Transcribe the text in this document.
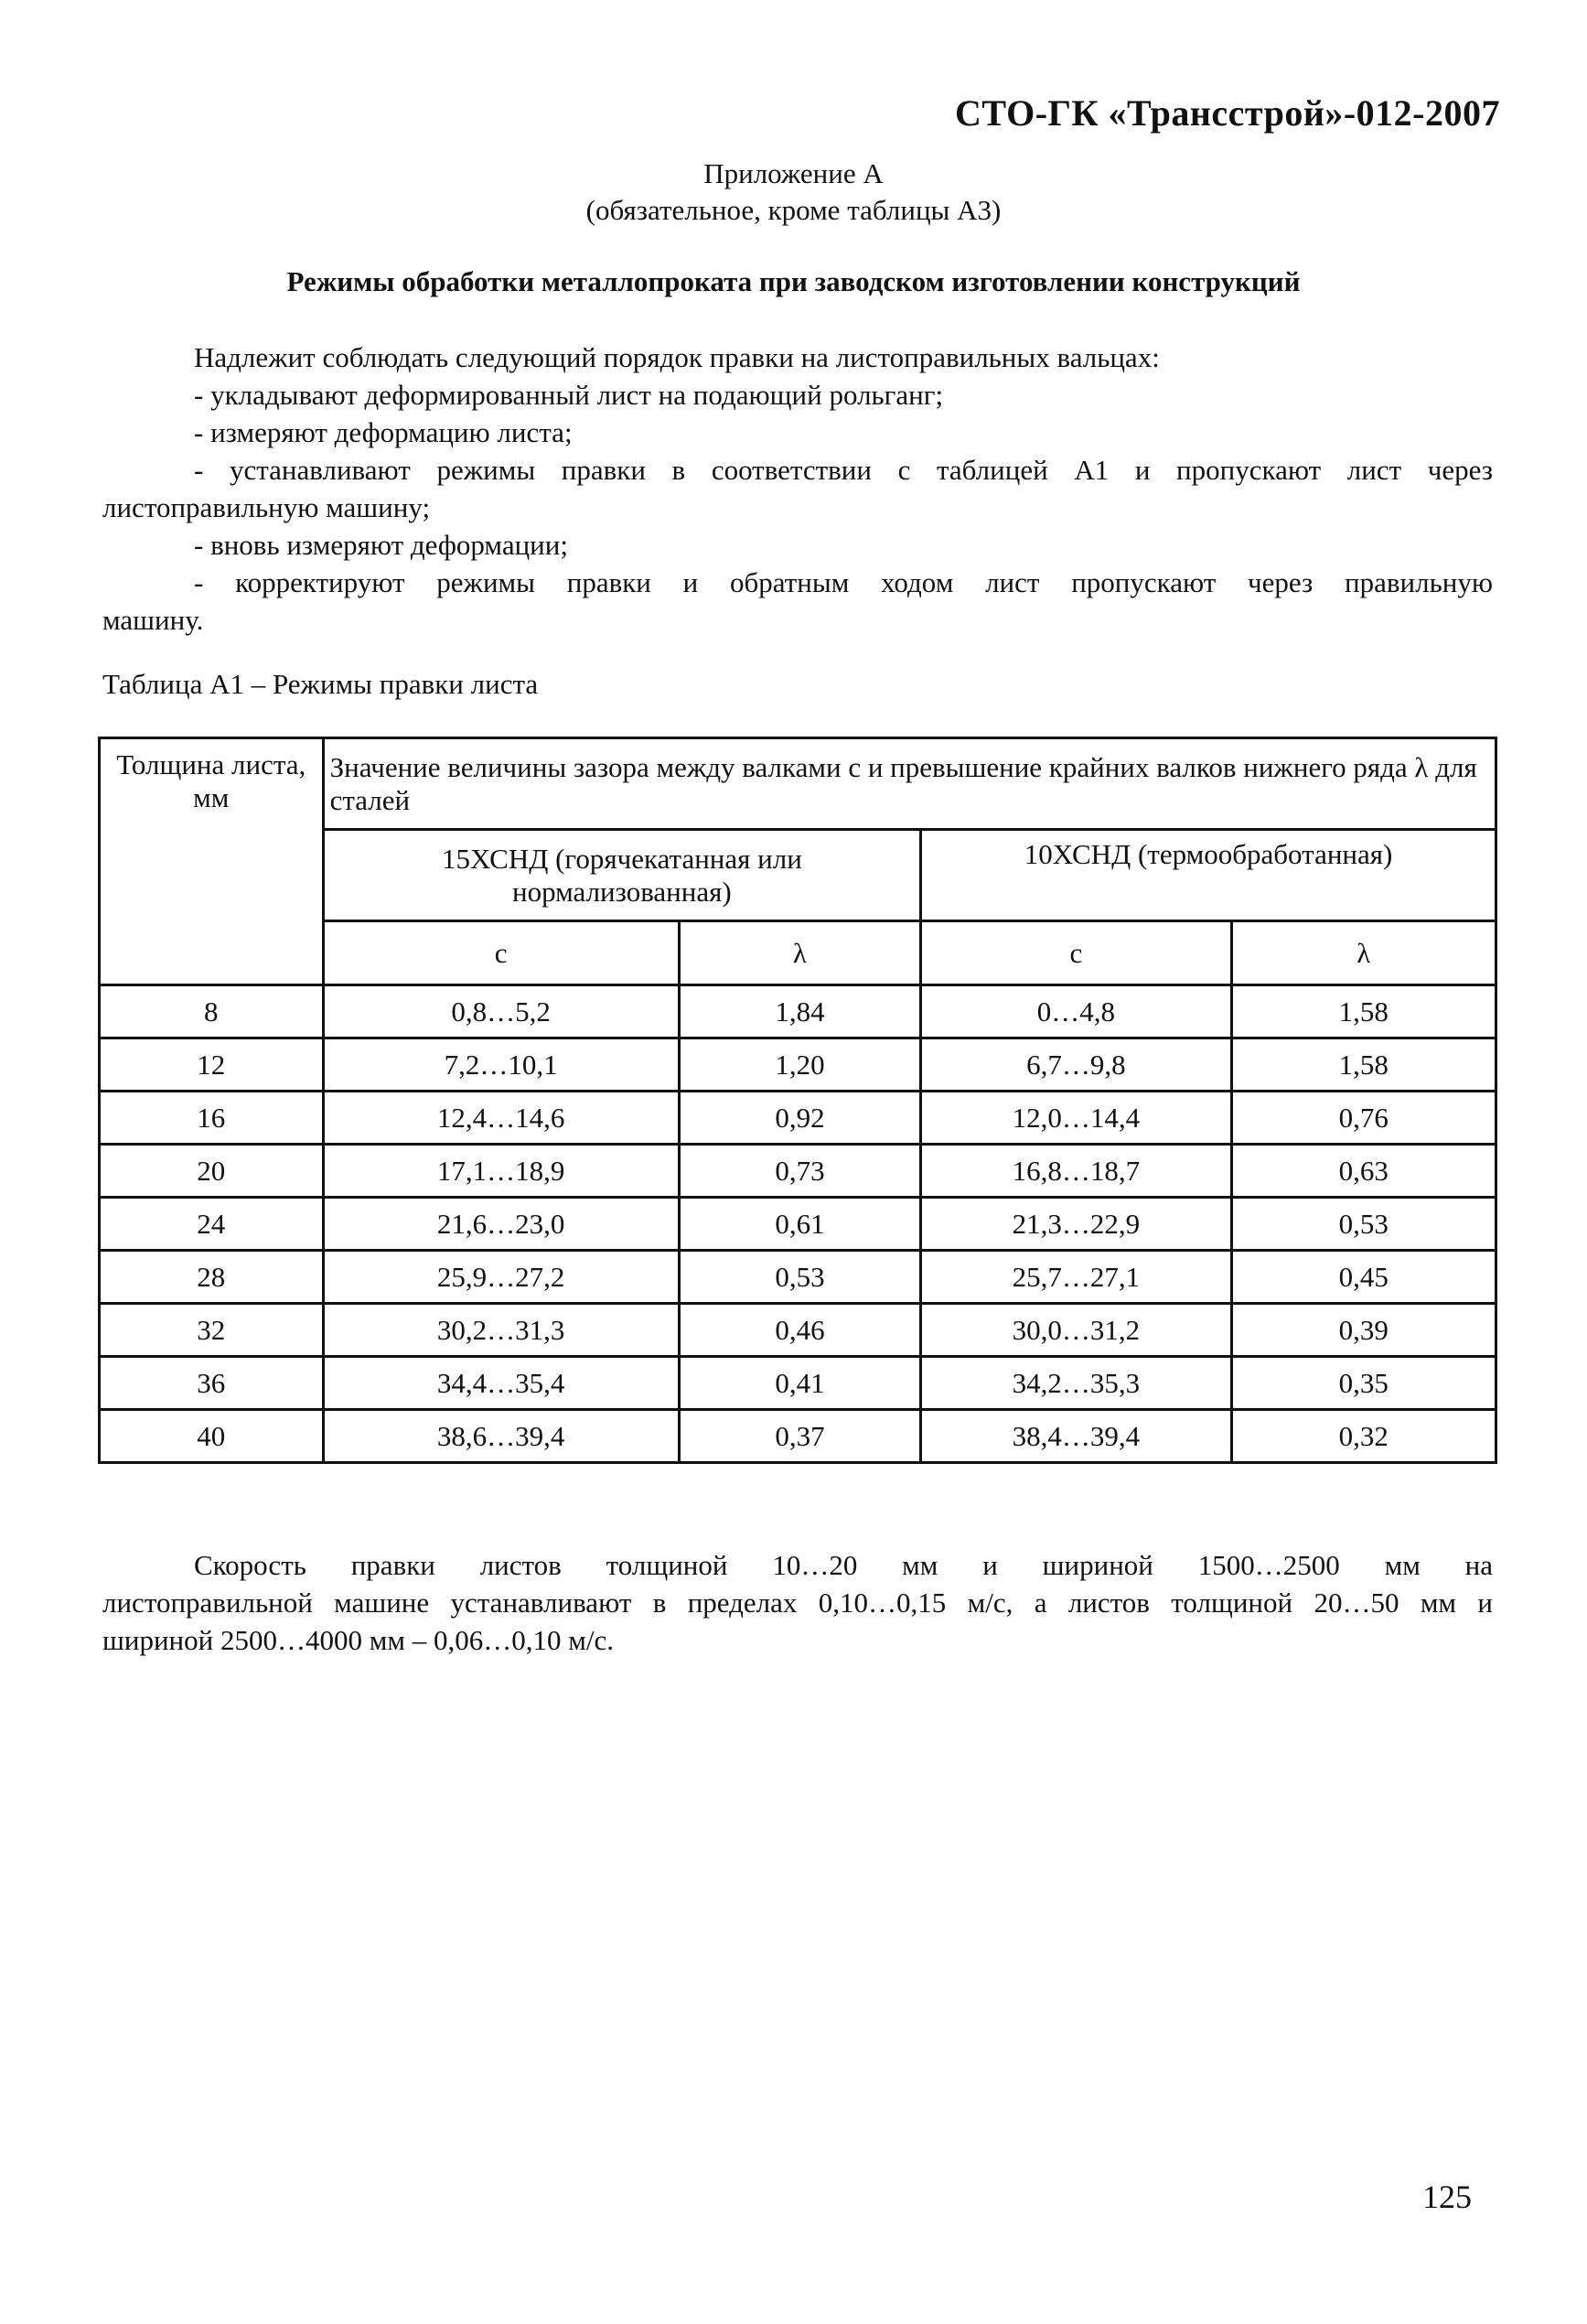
СТО-ГК «Трансстрой»-012-2007
Приложение А
(обязательное, кроме таблицы А3)
Режимы обработки металлопроката при заводском изготовлении конструкций
Надлежит соблюдать следующий порядок правки на листоправильных вальцах:
- укладывают деформированный лист на подающий рольганг;
- измеряют деформацию листа;
- устанавливают режимы правки в соответствии с таблицей А1 и пропускают лист через
листоправильную машину;
- вновь измеряют деформации;
- корректируют режимы правки и обратным ходом лист пропускают через правильную
машину.
Таблица А1 – Режимы правки листа
Толщина листа, мм	Значение величины зазора между валками с и превышение крайних валков нижнего ряда λ для сталей			
	15ХСНД (горячекатанная или нормализованная)		10ХСНД (термообработанная)	
	с	λ	с	λ
8	0,8…5,2	1,84	0…4,8	1,58
12	7,2…10,1	1,20	6,7…9,8	1,58
16	12,4…14,6	0,92	12,0…14,4	0,76
20	17,1…18,9	0,73	16,8…18,7	0,63
24	21,6…23,0	0,61	21,3…22,9	0,53
28	25,9…27,2	0,53	25,7…27,1	0,45
32	30,2…31,3	0,46	30,0…31,2	0,39
36	34,4…35,4	0,41	34,2…35,3	0,35
40	38,6…39,4	0,37	38,4…39,4	0,32
Скорость правки листов толщиной 10…20 мм и шириной 1500…2500 мм на
листоправильной машине устанавливают в пределах 0,10…0,15 м/с, а листов толщиной 20…50 мм и
шириной 2500…4000 мм – 0,06…0,10 м/с.
125
